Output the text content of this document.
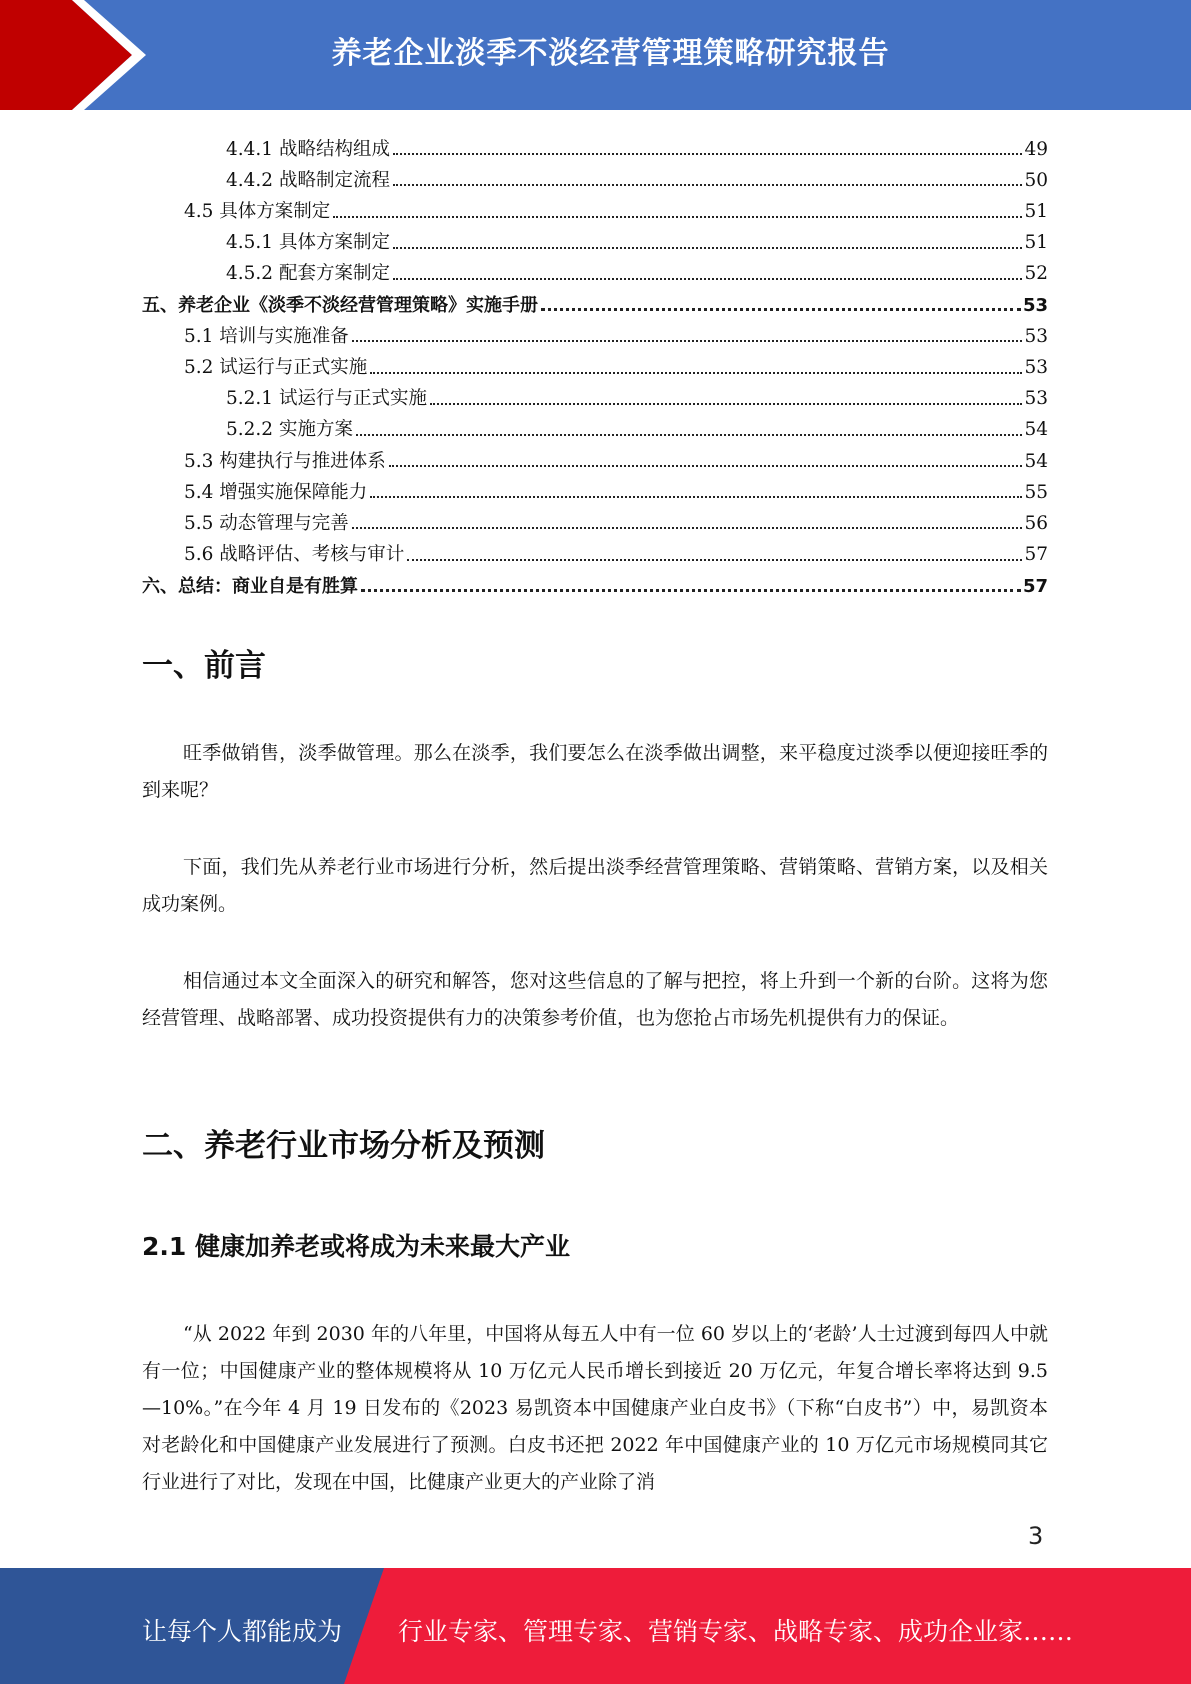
养老企业淡季不淡经营管理策略研究报告
4.4.1 战略结构组成	49
4.4.2 战略制定流程	50
4.5 具体方案制定	51
4.5.1 具体方案制定	51
4.5.2 配套方案制定	52
五、养老企业《淡季不淡经营管理策略》实施手册	53
5.1 培训与实施准备	53
5.2 试运行与正式实施	53
5.2.1 试运行与正式实施	53
5.2.2 实施方案	54
5.3 构建执行与推进体系	54
5.4 增强实施保障能力	55
5.5 动态管理与完善	56
5.6 战略评估、考核与审计	57
六、总结：商业自是有胜算	57
一、前言

旺季做销售，淡季做管理。那么在淡季，我们要怎么在淡季做出调整，来平稳度过淡季以便迎接旺季的到来呢？

下面，我们先从养老行业市场进行分析，然后提出淡季经营管理策略、营销策略、营销方案，以及相关成功案例。

相信通过本文全面深入的研究和解答，您对这些信息的了解与把控，将上升到一个新的台阶。这将为您经营管理、战略部署、成功投资提供有力的决策参考价值，也为您抢占市场先机提供有力的保证。

二、养老行业市场分析及预测
2.1 健康加养老或将成为未来最大产业

“从 2022 年到 2030 年的八年里，中国将从每五人中有一位 60 岁以上的‘老龄’人士过渡到每四人中就有一位；中国健康产业的整体规模将从 10 万亿元人民币增长到接近 20 万亿元，年复合增长率将达到 9.5—10%。”在今年 4 月 19 日发布的《2023 易凯资本中国健康产业白皮书》（下称“白皮书”）中，易凯资本对老龄化和中国健康产业发展进行了预测。白皮书还把 2022 年中国健康产业的 10 万亿元市场规模同其它行业进行了对比，发现在中国，比健康产业更大的产业除了消

3
让每个人都能成为 行业专家、管理专家、营销专家、战略专家、成功企业家……
